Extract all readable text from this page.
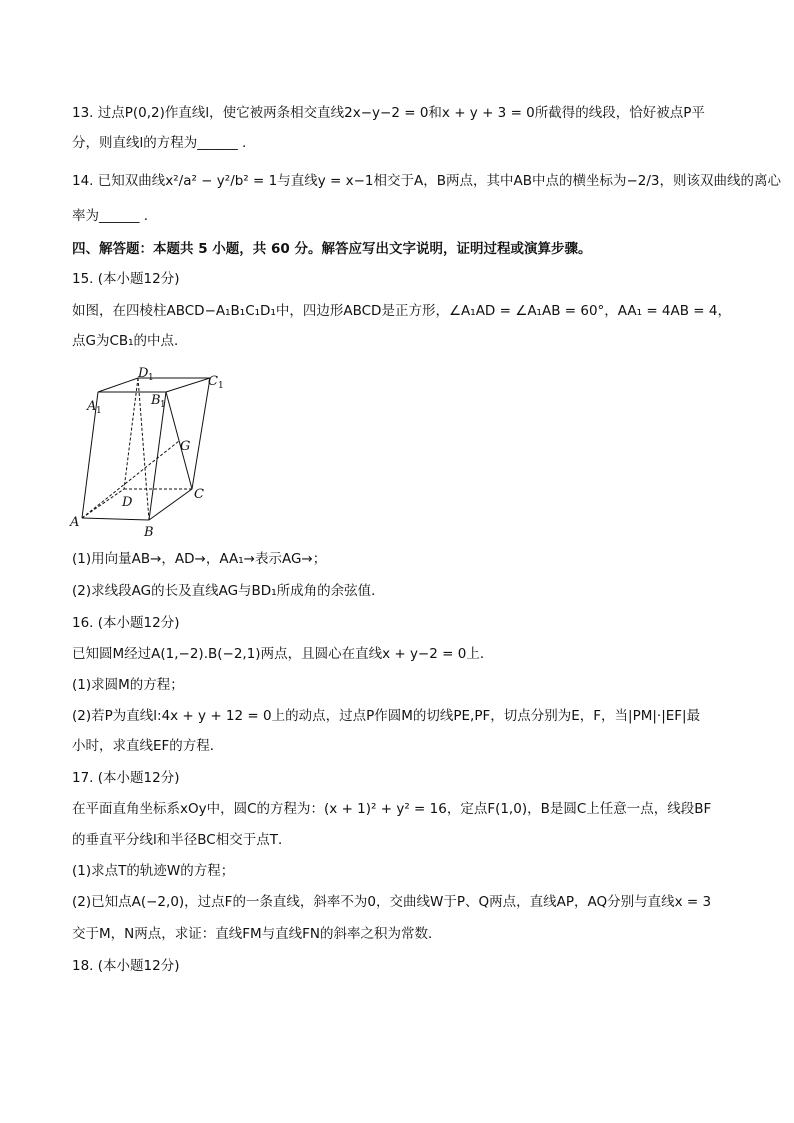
13. 过点P(0,2)作直线l，使它被两条相交直线2x−y−2 = 0和x + y + 3 = 0所截得的线段，恰好被点P平
分，则直线l的方程为______ .
14. 已知双曲线x²/a² − y²/b² = 1与直线y = x−1相交于A，B两点，其中AB中点的横坐标为−2/3，则该双曲线的离心
率为______ .
四、解答题：本题共 5 小题，共 60 分。解答应写出文字说明，证明过程或演算步骤。
15. (本小题12分)
如图，在四棱柱ABCD−A₁B₁C₁D₁中，四边形ABCD是正方形，∠A₁AD = ∠A₁AB = 60°，AA₁ = 4AB = 4，
点G为CB₁的中点．
A
B
C
D
G
A 1
B 1
C 1
D 1
(1)用向量AB→，AD→，AA₁→表示AG→；
(2)求线段AG的长及直线AG与BD₁所成角的余弦值．
16. (本小题12分)
已知圆M经过A(1,−2).B(−2,1)两点，且圆心在直线x + y−2 = 0上．
(1)求圆M的方程；
(2)若P为直线l:4x + y + 12 = 0上的动点，过点P作圆M的切线PE,PF，切点分别为E，F，当|PM|·|EF|最
小时，求直线EF的方程．
17. (本小题12分)
在平面直角坐标系xOy中，圆C的方程为：(x + 1)² + y² = 16，定点F(1,0)，B是圆C上任意一点，线段BF
的垂直平分线l和半径BC相交于点T．
(1)求点T的轨迹W的方程；
(2)已知点A(−2,0)，过点F的一条直线，斜率不为0，交曲线W于P、Q两点，直线AP，AQ分别与直线x = 3
交于M，N两点，求证：直线FM与直线FN的斜率之积为常数．
18. (本小题12分)
